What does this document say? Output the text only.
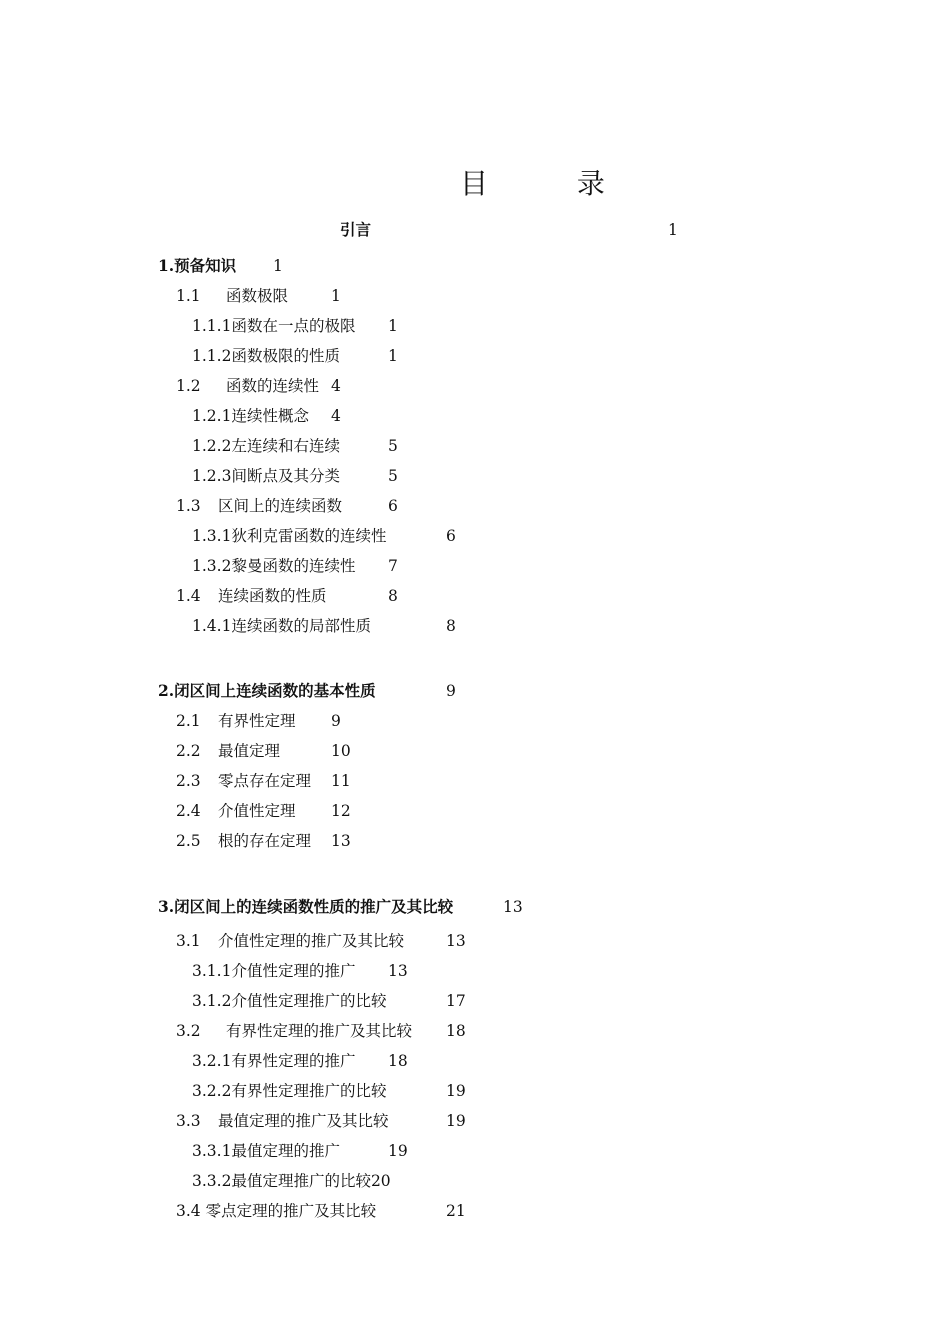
目 录
引言	1
1.预备知识 1
1.1 函数极限	1
1.1.1函数在一点的极限 1
1.1.2函数极限的性质	1
1.2 函数的连续性 4
1.2.1连续性概念 4
1.2.2左连续和右连续	5
1.2.3间断点及其分类	5
1.3 区间上的连续函数	6
1.3.1狄利克雷函数的连续性	6
1.3.2黎曼函数的连续性 7
1.4 连续函数的性质	8
1.4.1连续函数的局部性质	8
2.闭区间上连续函数的基本性质	9
2.1 有界性定理 9
2.2 最值定理	10
2.3 零点存在定理 11
2.4 介值性定理 12
2.5 根的存在定理 13
3.闭区间上的连续函数性质的推广及其比较	13
3.1 介值性定理的推广及其比较	13
3.1.1介值性定理的推广 13
3.1.2介值性定理推广的比较	17
3.2 有界性定理的推广及其比较 18
3.2.1有界性定理的推广 18
3.2.2有界性定理推广的比较	19
3.3 最值定理的推广及其比较	19
3.3.1最值定理的推广	19
3.3.2最值定理推广的比较20
3.4 零点定理的推广及其比较	21
